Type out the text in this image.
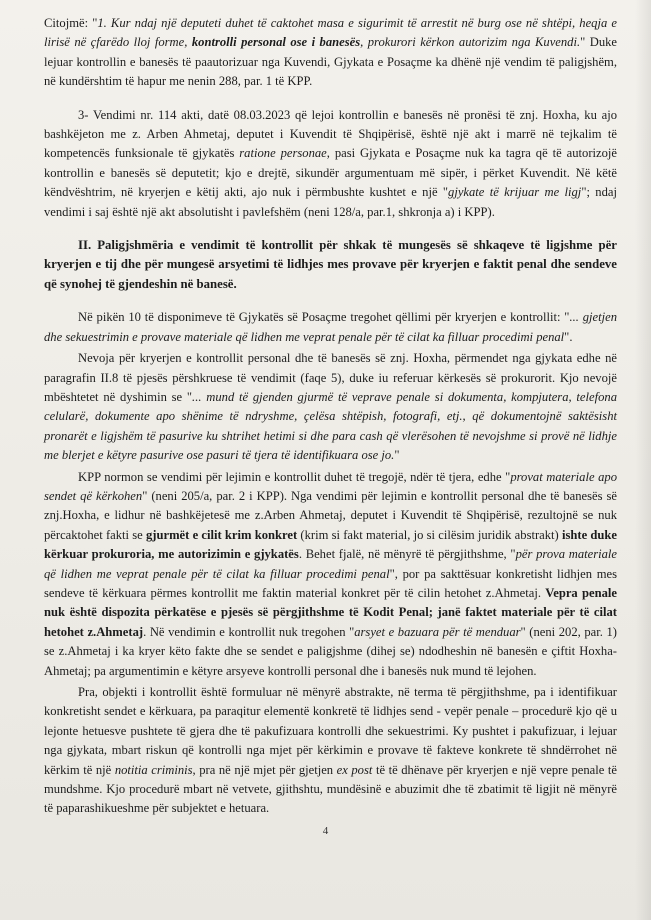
Citojmë: "1. Kur ndaj një deputeti duhet të caktohet masa e sigurimit të arrestit në burg ose në shtëpi, heqja e lirisë në çfarëdo lloj forme, kontrolli personal ose i banesës, prokurori kërkon autorizim nga Kuvendi." Duke lejuar kontrollin e banesës të paautorizuar nga Kuvendi, Gjykata e Posaçme ka dhënë një vendim të paligjshëm, në kundërshtim të hapur me nenin 288, par. 1 të KPP.

3- Vendimi nr. 114 akti, datë 08.03.2023 që lejoi kontrollin e banesës në pronësi të znj. Hoxha, ku ajo bashkëjeton me z. Arben Ahmetaj, deputet i Kuvendit të Shqipërisë, është një akt i marrë në tejkalim të kompetencës funksionale të gjykatës ratione personae, pasi Gjykata e Posaçme nuk ka tagra që të autorizojë kontrollin e banesës së deputetit; kjo e drejtë, sikundër argumentuam më sipër, i përket Kuvendit. Në këtë këndvështrim, në kryerjen e këtij akti, ajo nuk i përmbushte kushtet e një "gjykate të krijuar me ligj"; ndaj vendimi i saj është një akt absolutisht i pavlefshëm (neni 128/a, par.1, shkronja a) i KPP).

II. Paligjshmëria e vendimit të kontrollit për shkak të mungesës së shkaqeve të ligjshme për kryerjen e tij dhe për mungesë arsyetimi të lidhjes mes provave për kryerjen e faktit penal dhe sendeve që synohej të gjendeshin në banesë.

Në pikën 10 të disponimeve të Gjykatës së Posaçme tregohet qëllimi për kryerjen e kontrollit: "... gjetjen dhe sekuestrimin e provave materiale që lidhen me veprat penale për të cilat ka filluar procedimi penal".

Nevoja për kryerjen e kontrollit personal dhe të banesës së znj. Hoxha, përmendet nga gjykata edhe në paragrafin II.8 të pjesës përshkruese të vendimit (faqe 5), duke iu referuar kërkesës së prokurorit. Kjo nevojë mbështetet në dyshimin se "... mund të gjenden gjurmë të veprave penale si dokumenta, kompjutera, telefona celularë, dokumente apo shënime të ndryshme, çelësa shtëpish, fotografi, etj., që dokumentojnë saktësisht pronarët e ligjshëm të pasurive ku shtrihet hetimi si dhe para cash që vlerësohen të nevojshme si provë në lidhje me blerjet e këtyre pasurive ose pasuri të tjera të identifikuara ose jo."

KPP normon se vendimi për lejimin e kontrollit duhet të tregojë, ndër të tjera, edhe "provat materiale apo sendet që kërkohen" (neni 205/a, par. 2 i KPP). Nga vendimi për lejimin e kontrollit personal dhe të banesës së znj.Hoxha, e lidhur në bashkëjetesë me z.Arben Ahmetaj, deputet i Kuvendit të Shqipërisë, rezultojnë se nuk përcaktohet fakti se gjurmët e cilit krim konkret (krim si fakt material, jo si cilësim juridik abstrakt) ishte duke kërkuar prokuroria, me autorizimin e gjykatës. Behet fjalë, në mënyrë të përgjithshme, "për prova materiale që lidhen me veprat penale për të cilat ka filluar procedimi penal", por pa sakttësuar konkretisht lidhjen mes sendeve të kërkuara përmes kontrollit me faktin material konkret për të cilin hetohet z.Ahmetaj. Vepra penale nuk është dispozita përkatëse e pjesës së përgjithshme të Kodit Penal; janë faktet materiale për të cilat hetohet z.Ahmetaj. Në vendimin e kontrollit nuk tregohen "arsyet e bazuara për të menduar" (neni 202, par. 1) se z.Ahmetaj i ka kryer këto fakte dhe se sendet e paligjshme (dihej se) ndodheshin në banesën e çiftit Hoxha-Ahmetaj; pa argumentimin e këtyre arsyeve kontrolli personal dhe i banesës nuk mund të lejohen.

Pra, objekti i kontrollit është formuluar në mënyrë abstrakte, në terma të përgjithshme, pa i identifikuar konkretisht sendet e kërkuara, pa paraqitur elementë konkretë të lidhjes send - vepër penale – procedurë kjo që u lejonte hetuesve pushtete të gjera dhe të pakufizuara kontrolli dhe sekuestrimi. Ky pushtet i pakufizuar, i lejuar nga gjykata, mbart riskun që kontrolli nga mjet për kërkimin e provave të fakteve konkrete të shndërrohet në kërkim të një notitia criminis, pra në një mjet për gjetjen ex post të të dhënave për kryerjen e një vepre penale të mundshme. Kjo procedurë mbart në vetvete, gjithshtu, mundësinë e abuzimit dhe të zbatimit të ligjit në mënyrë të paparashikueshme për subjektet e hetuara.

4
